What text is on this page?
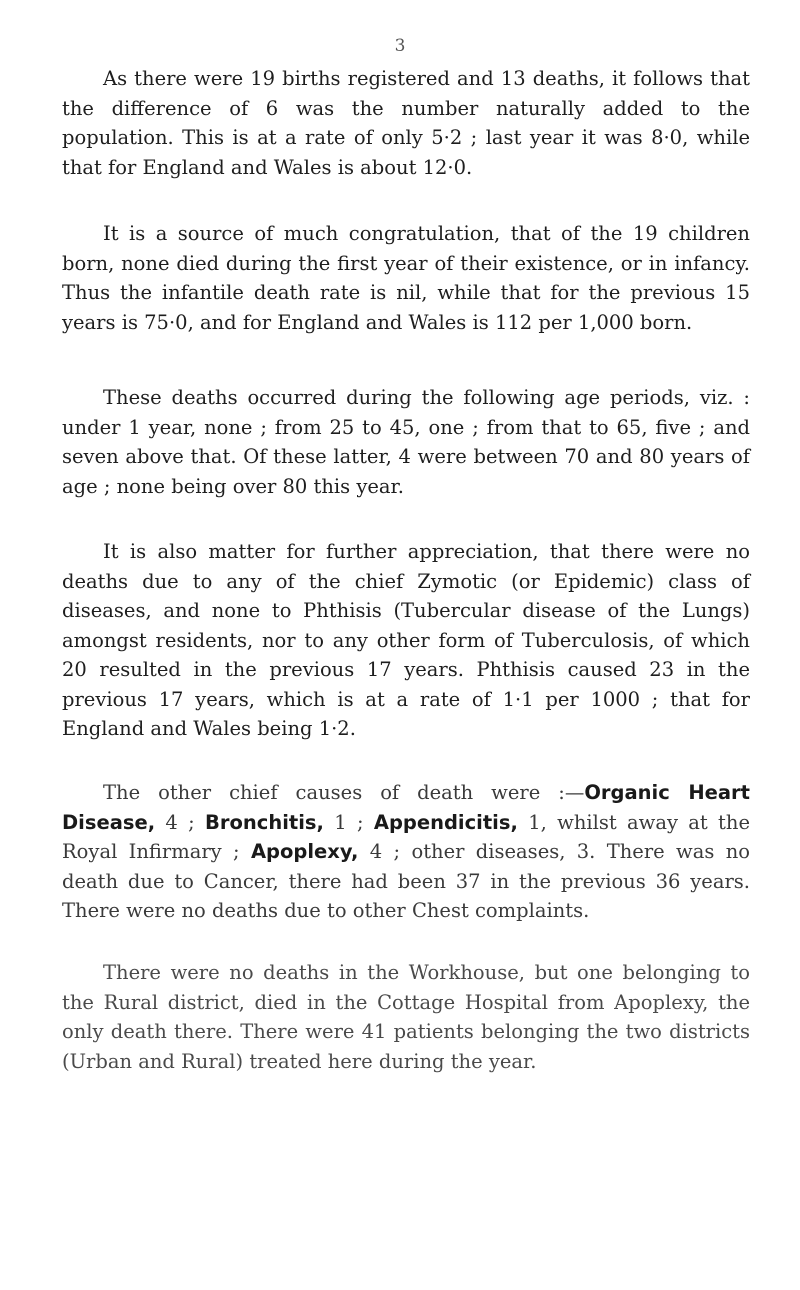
3

As there were 19 births registered and 13 deaths, it follows that the difference of 6 was the number naturally added to the population. This is at a rate of only 5·2 ; last year it was 8·0, while that for England and Wales is about 12·0.

It is a source of much congratulation, that of the 19 children born, none died during the first year of their existence, or in infancy. Thus the infantile death rate is nil, while that for the previous 15 years is 75·0, and for England and Wales is 112 per 1,000 born.

These deaths occurred during the following age periods, viz. : under 1 year, none ; from 25 to 45, one ; from that to 65, five ; and seven above that. Of these latter, 4 were between 70 and 80 years of age ; none being over 80 this year.

It is also matter for further appreciation, that there were no deaths due to any of the chief Zymotic (or Epidemic) class of diseases, and none to Phthisis (Tubercular disease of the Lungs) amongst residents, nor to any other form of Tuberculosis, of which 20 resulted in the previous 17 years. Phthisis caused 23 in the previous 17 years, which is at a rate of 1·1 per 1000 ; that for England and Wales being 1·2.

The other chief causes of death were :—Organic Heart Disease, 4 ; Bronchitis, 1 ; Appendicitis, 1, whilst away at the Royal Infirmary ; Apoplexy, 4 ; other diseases, 3. There was no death due to Cancer, there had been 37 in the previous 36 years. There were no deaths due to other Chest complaints.

There were no deaths in the Workhouse, but one belonging to the Rural district, died in the Cottage Hospital from Apoplexy, the only death there. There were 41 patients belonging the two districts (Urban and Rural) treated here during the year.
